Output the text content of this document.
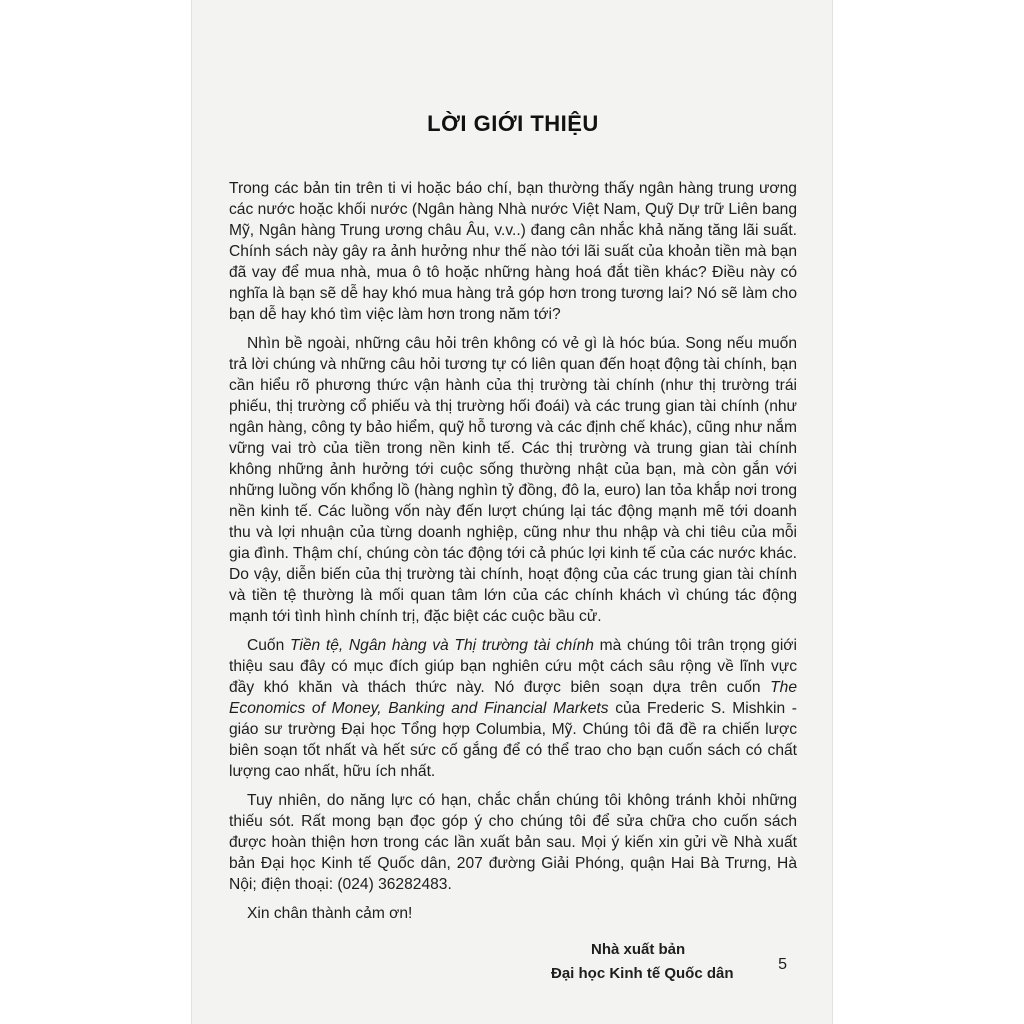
LỜI GIỚI THIỆU

Trong các bản tin trên ti vi hoặc báo chí, bạn thường thấy ngân hàng trung ương các nước hoặc khối nước (Ngân hàng Nhà nước Việt Nam, Quỹ Dự trữ Liên bang Mỹ, Ngân hàng Trung ương châu Âu, v.v..) đang cân nhắc khả năng tăng lãi suất. Chính sách này gây ra ảnh hưởng như thế nào tới lãi suất của khoản tiền mà bạn đã vay để mua nhà, mua ô tô hoặc những hàng hoá đắt tiền khác? Điều này có nghĩa là bạn sẽ dễ hay khó mua hàng trả góp hơn trong tương lai? Nó sẽ làm cho bạn dễ hay khó tìm việc làm hơn trong năm tới?

Nhìn bề ngoài, những câu hỏi trên không có vẻ gì là hóc búa. Song nếu muốn trả lời chúng và những câu hỏi tương tự có liên quan đến hoạt động tài chính, bạn cần hiểu rõ phương thức vận hành của thị trường tài chính (như thị trường trái phiếu, thị trường cổ phiếu và thị trường hối đoái) và các trung gian tài chính (như ngân hàng, công ty bảo hiểm, quỹ hỗ tương và các định chế khác), cũng như nắm vững vai trò của tiền trong nền kinh tế. Các thị trường và trung gian tài chính không những ảnh hưởng tới cuộc sống thường nhật của bạn, mà còn gắn với những luồng vốn khổng lồ (hàng nghìn tỷ đồng, đô la, euro) lan tỏa khắp nơi trong nền kinh tế. Các luồng vốn này đến lượt chúng lại tác động mạnh mẽ tới doanh thu và lợi nhuận của từng doanh nghiệp, cũng như thu nhập và chi tiêu của mỗi gia đình. Thậm chí, chúng còn tác động tới cả phúc lợi kinh tế của các nước khác. Do vậy, diễn biến của thị trường tài chính, hoạt động của các trung gian tài chính và tiền tệ thường là mối quan tâm lớn của các chính khách vì chúng tác động mạnh tới tình hình chính trị, đặc biệt các cuộc bầu cử.

Cuốn Tiền tệ, Ngân hàng và Thị trường tài chính mà chúng tôi trân trọng giới thiệu sau đây có mục đích giúp bạn nghiên cứu một cách sâu rộng về lĩnh vực đầy khó khăn và thách thức này. Nó được biên soạn dựa trên cuốn The Economics of Money, Banking and Financial Markets của Frederic S. Mishkin - giáo sư trường Đại học Tổng hợp Columbia, Mỹ. Chúng tôi đã đề ra chiến lược biên soạn tốt nhất và hết sức cố gắng để có thể trao cho bạn cuốn sách có chất lượng cao nhất, hữu ích nhất.

Tuy nhiên, do năng lực có hạn, chắc chắn chúng tôi không tránh khỏi những thiếu sót. Rất mong bạn đọc góp ý cho chúng tôi để sửa chữa cho cuốn sách được hoàn thiện hơn trong các lần xuất bản sau. Mọi ý kiến xin gửi về Nhà xuất bản Đại học Kinh tế Quốc dân, 207 đường Giải Phóng, quận Hai Bà Trưng, Hà Nội; điện thoại: (024) 36282483.

Xin chân thành cảm ơn!

Nhà xuất bản
Đại học Kinh tế Quốc dân
5
